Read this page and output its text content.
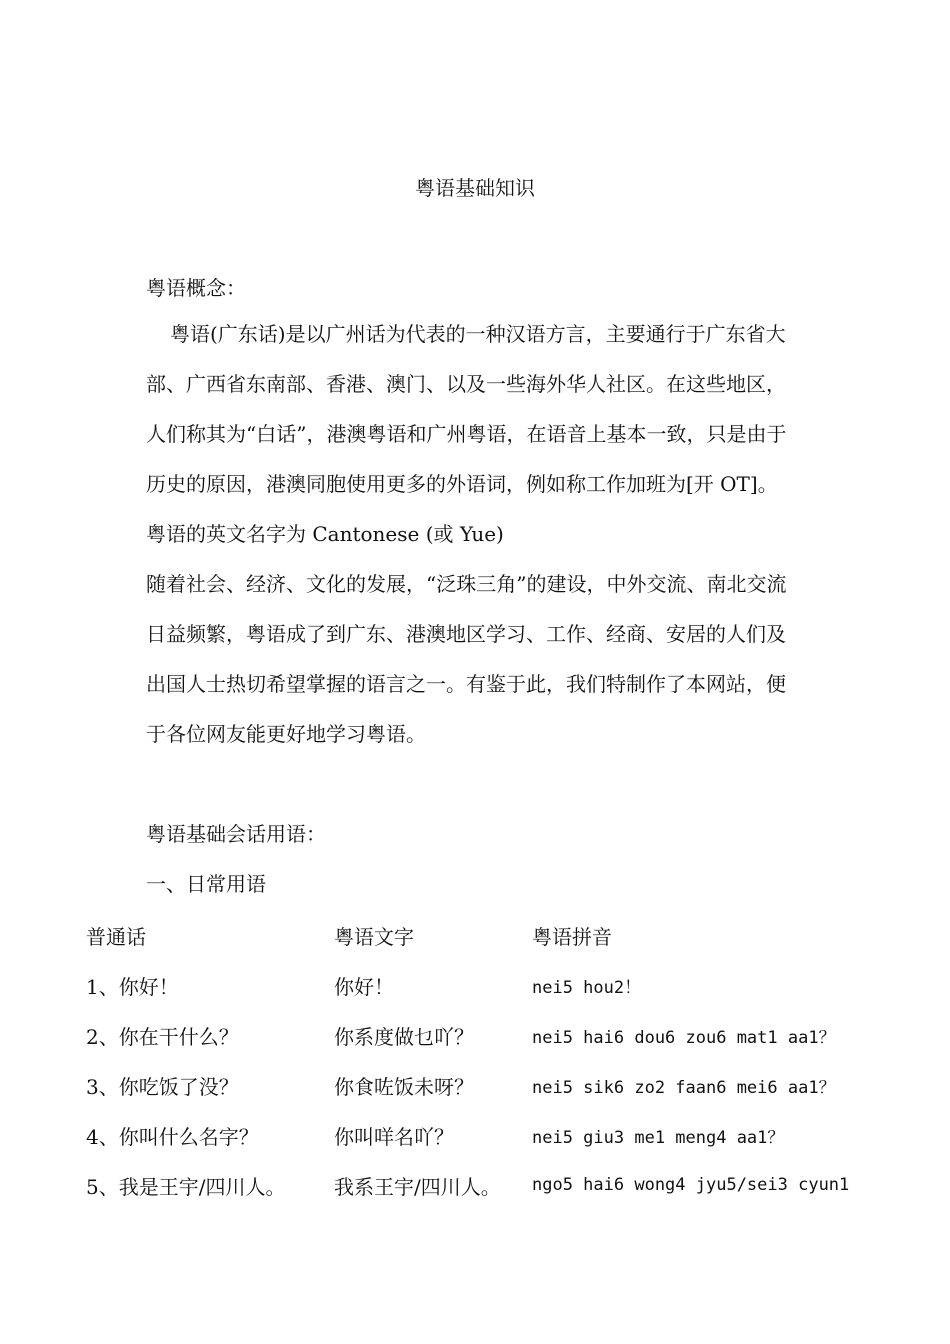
粤语基础知识
粤语概念：
粤语(广东话)是以广州话为代表的一种汉语方言，主要通行于广东省大
部、广西省东南部、香港、澳门、以及一些海外华人社区。在这些地区，
人们称其为“白话”，港澳粤语和广州粤语，在语音上基本一致，只是由于
历史的原因，港澳同胞使用更多的外语词，例如称工作加班为[开 OT]。
粤语的英文名字为 Cantonese (或 Yue)
随着社会、经济、文化的发展，“泛珠三角”的建设，中外交流、南北交流
日益频繁，粤语成了到广东、港澳地区学习、工作、经商、安居的人们及
出国人士热切希望掌握的语言之一。有鉴于此，我们特制作了本网站，便
于各位网友能更好地学习粤语。
粤语基础会话用语：
一、日常用语
普通话	粤语文字	粤语拼音
1、你好！	你好！	nei5 hou2！
2、你在干什么？	你系度做乜吖？	nei5 hai6 dou6 zou6 mat1 aa1？
3、你吃饭了没？	你食咗饭未呀？	nei5 sik6 zo2 faan6 mei6 aa1？
4、你叫什么名字？	你叫咩名吖？	nei5 giu3 me1 meng4 aa1？
5、我是王宇/四川人。	我系王宇/四川人。	ngo5 hai6 wong4 jyu5/sei3 cyun1
